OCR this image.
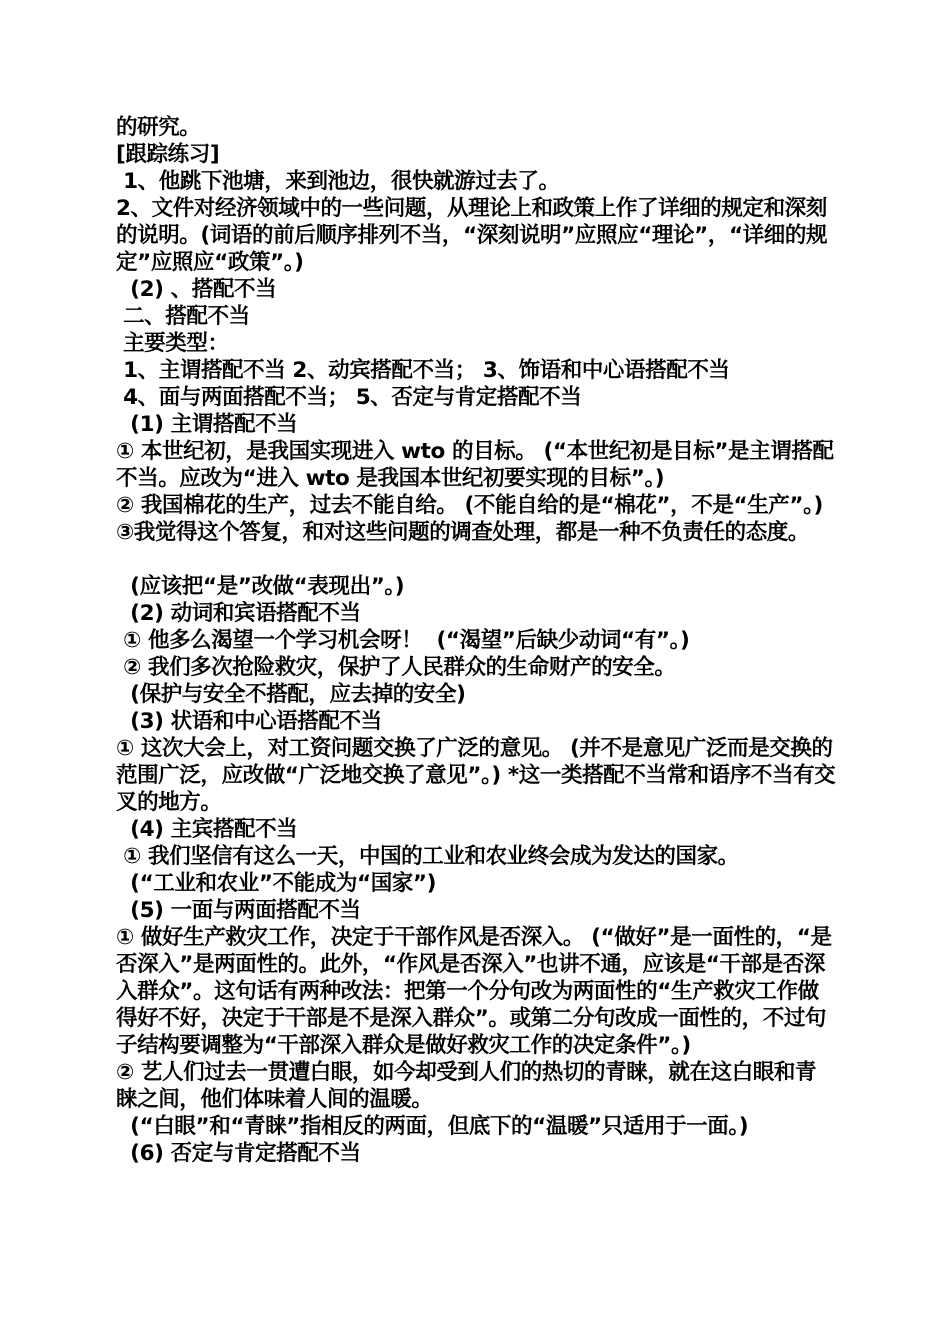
的研究。
[跟踪练习]
1、他跳下池塘，来到池边，很快就游过去了。
2、文件对经济领域中的一些问题，从理论上和政策上作了详细的规定和深刻的说明。(词语的前后顺序排列不当，“深刻说明”应照应“理论”，“详细的规定”应照应“政策”。)
(2) 、搭配不当
二、搭配不当
主要类型：
1、主谓搭配不当 2、动宾搭配不当； 3、饰语和中心语搭配不当
4、面与两面搭配不当； 5、否定与肯定搭配不当
(1) 主谓搭配不当
① 本世纪初，是我国实现进入 wto 的目标。 (“本世纪初是目标”是主谓搭配不当。应改为“进入 wto 是我国本世纪初要实现的目标”。)
② 我国棉花的生产，过去不能自给。 (不能自给的是“棉花”，不是“生产”。) ③我觉得这个答复，和对这些问题的调查处理，都是一种不负责任的态度。
(应该把“是”改做“表现出”。)
(2) 动词和宾语搭配不当
① 他多么渴望一个学习机会呀！  (“渴望”后缺少动词“有”。)
② 我们多次抢险救灾，保护了人民群众的生命财产的安全。
(保护与安全不搭配，应去掉的安全)
(3) 状语和中心语搭配不当
① 这次大会上，对工资问题交换了广泛的意见。 (并不是意见广泛而是交换的范围广泛，应改做“广泛地交换了意见”。) *这一类搭配不当常和语序不当有交叉的地方。
(4) 主宾搭配不当
① 我们坚信有这么一天，中国的工业和农业终会成为发达的国家。
(“工业和农业”不能成为“国家”)
(5) 一面与两面搭配不当
① 做好生产救灾工作，决定于干部作风是否深入。 (“做好”是一面性的，“是否深入”是两面性的。此外，“作风是否深入”也讲不通，应该是“干部是否深入群众”。这句话有两种改法：把第一个分句改为两面性的“生产救灾工作做得好不好，决定于干部是不是深入群众”。或第二分句改成一面性的，不过句子结构要调整为“干部深入群众是做好救灾工作的决定条件”。)
② 艺人们过去一贯遭白眼，如今却受到人们的热切的青睐，就在这白眼和青睐之间，他们体味着人间的温暖。
(“白眼”和“青睐”指相反的两面，但底下的“温暖”只适用于一面。)
(6) 否定与肯定搭配不当
